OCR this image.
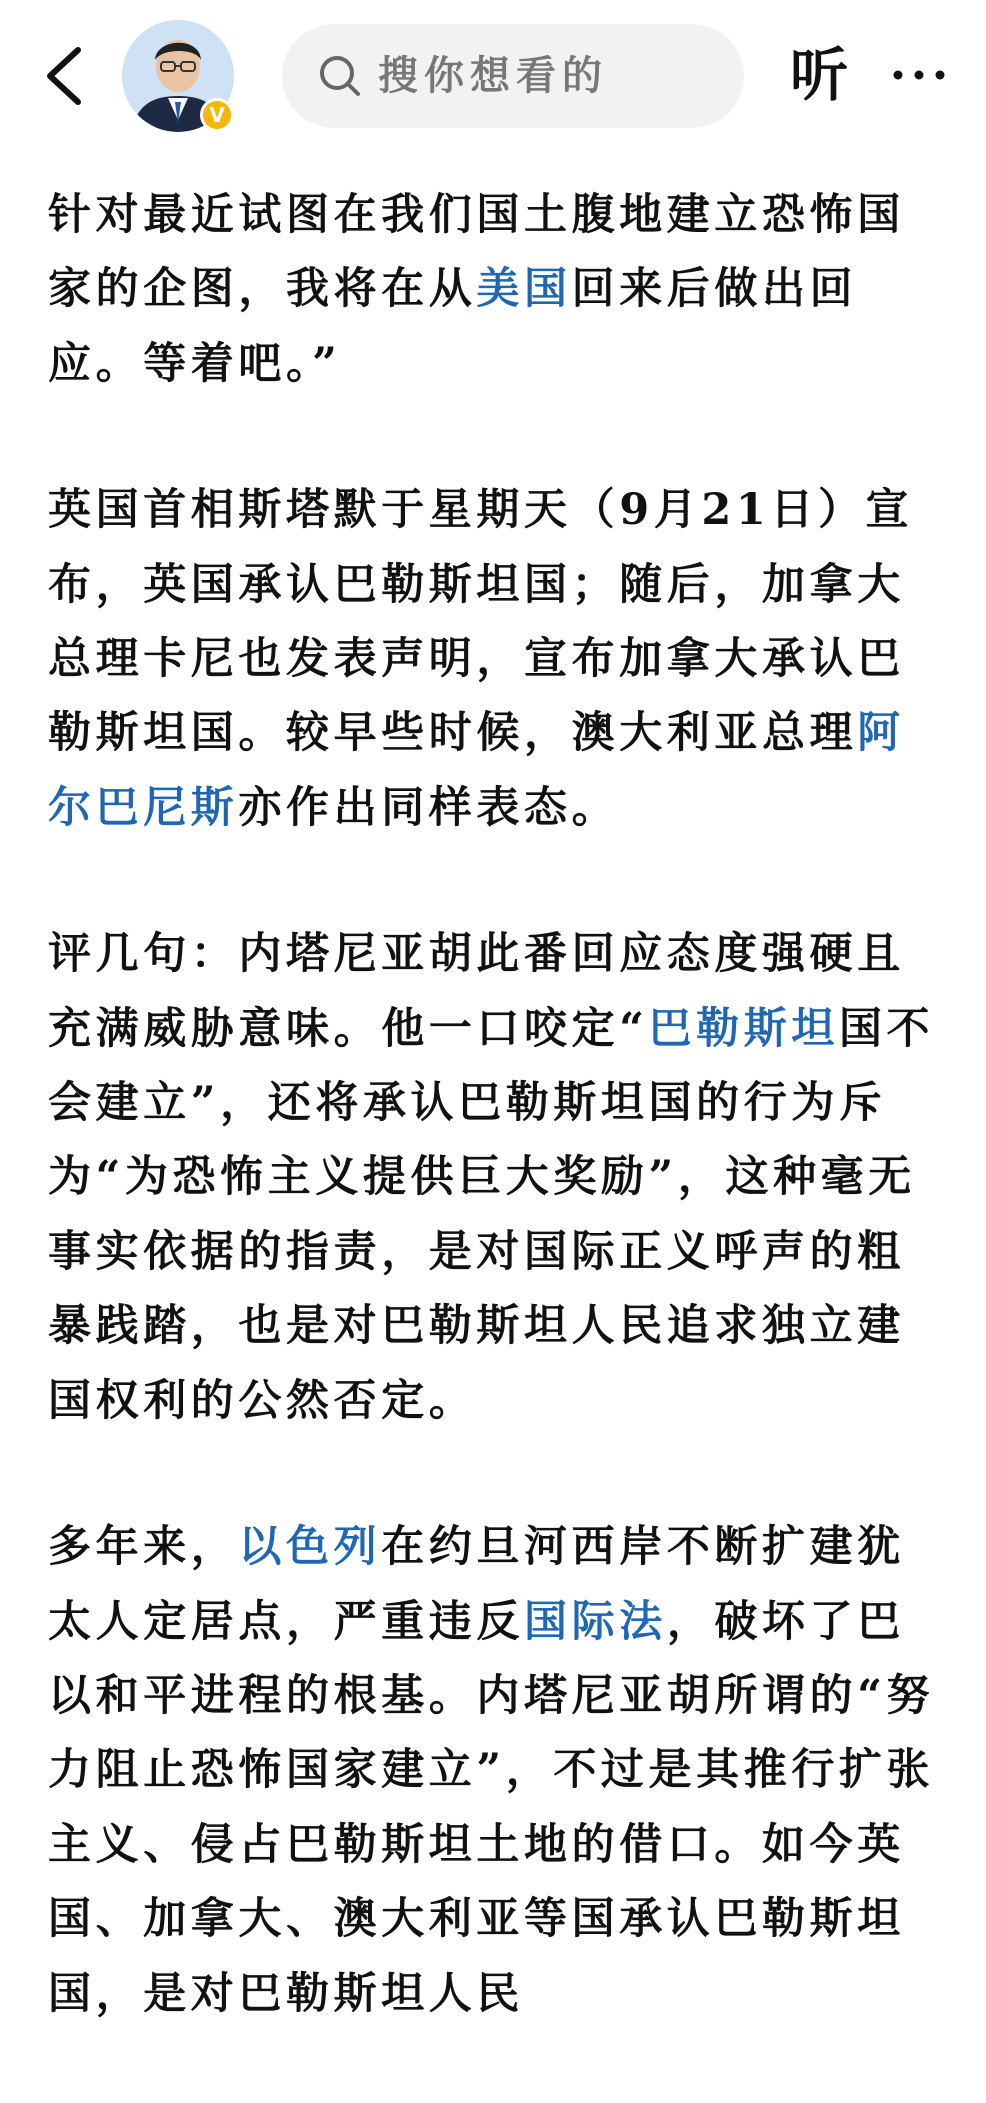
V
搜你想看的	听

针对最近试图在我们国土腹地建立恐怖国家的企图，我将在从美国回来后做出回应。等着吧。”

英国首相斯塔默于星期天（9月21日）宣布，英国承认巴勒斯坦国；随后，加拿大总理卡尼也发表声明，宣布加拿大承认巴勒斯坦国。较早些时候，澳大利亚总理阿尔巴尼斯亦作出同样表态。

评几句：内塔尼亚胡此番回应态度强硬且充满威胁意味。他一口咬定“巴勒斯坦国不会建立”，还将承认巴勒斯坦国的行为斥为“为恐怖主义提供巨大奖励”，这种毫无事实依据的指责，是对国际正义呼声的粗暴践踏，也是对巴勒斯坦人民追求独立建国权利的公然否定。

多年来，以色列在约旦河西岸不断扩建犹太人定居点，严重违反国际法，破坏了巴以和平进程的根基。内塔尼亚胡所谓的“努力阻止恐怖国家建立”，不过是其推行扩张主义、侵占巴勒斯坦土地的借口。如今英国、加拿大、澳大利亚等国承认巴勒斯坦国，是对巴勒斯坦人民
